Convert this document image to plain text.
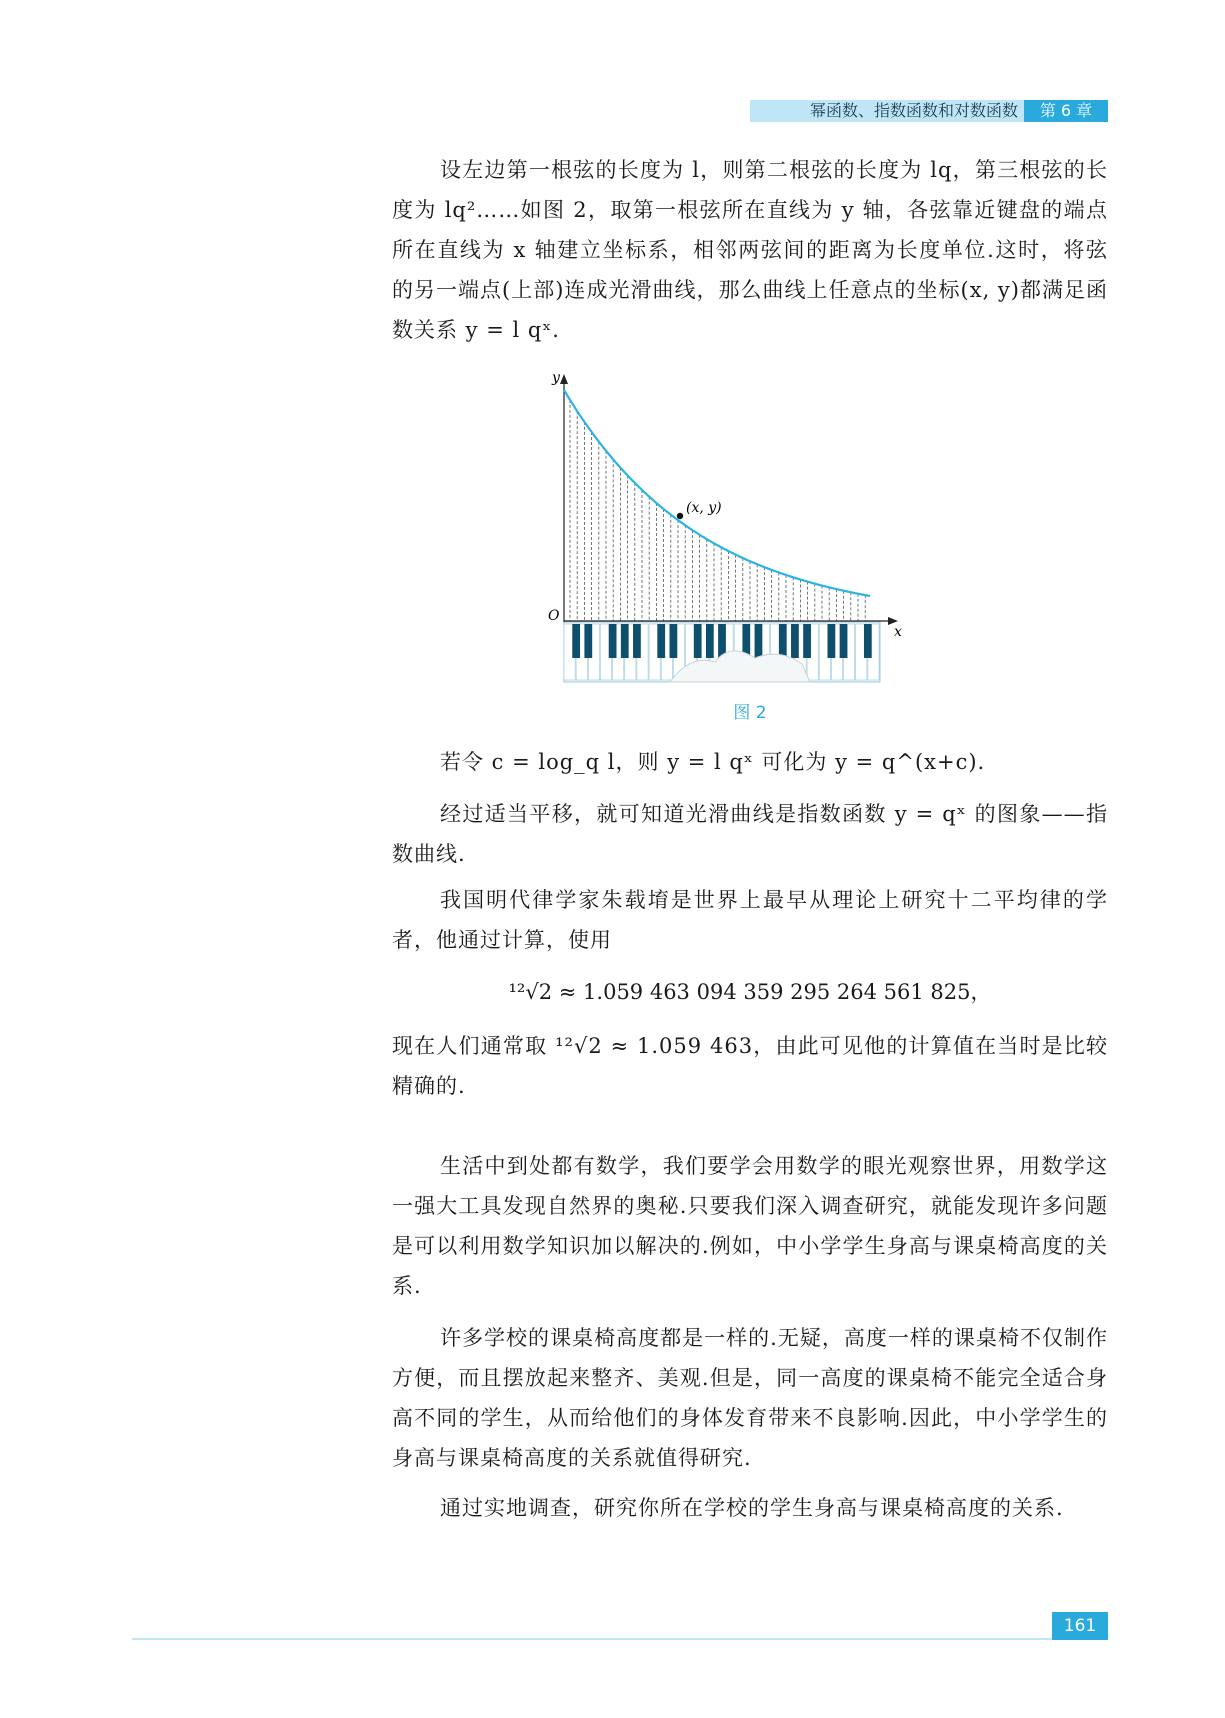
幂函数、指数函数和对数函数	第 6 章

设左边第一根弦的长度为 l，则第二根弦的长度为 lq，第三根弦的长度为 lq²……如图 2，取第一根弦所在直线为 y 轴，各弦靠近键盘的端点所在直线为 x 轴建立坐标系，相邻两弦间的距离为长度单位.这时，将弦的另一端点(上部)连成光滑曲线，那么曲线上任意点的坐标(x, y)都满足函数关系 y = l qˣ.

y
x
O
(x, y)
图 2

若令 c = log_q l，则 y = l qˣ 可化为 y = q^(x+c).

经过适当平移，就可知道光滑曲线是指数函数 y = qˣ 的图象——指数曲线.

我国明代律学家朱载堉是世界上最早从理论上研究十二平均律的学者，他通过计算，使用

¹²√2 ≈ 1.059 463 094 359 295 264 561 825，

现在人们通常取 ¹²√2 ≈ 1.059 463，由此可见他的计算值在当时是比较精确的.

生活中到处都有数学，我们要学会用数学的眼光观察世界，用数学这一强大工具发现自然界的奥秘.只要我们深入调查研究，就能发现许多问题是可以利用数学知识加以解决的.例如，中小学学生身高与课桌椅高度的关系.

许多学校的课桌椅高度都是一样的.无疑，高度一样的课桌椅不仅制作方便，而且摆放起来整齐、美观.但是，同一高度的课桌椅不能完全适合身高不同的学生，从而给他们的身体发育带来不良影响.因此，中小学学生的身高与课桌椅高度的关系就值得研究.

通过实地调查，研究你所在学校的学生身高与课桌椅高度的关系.

161
